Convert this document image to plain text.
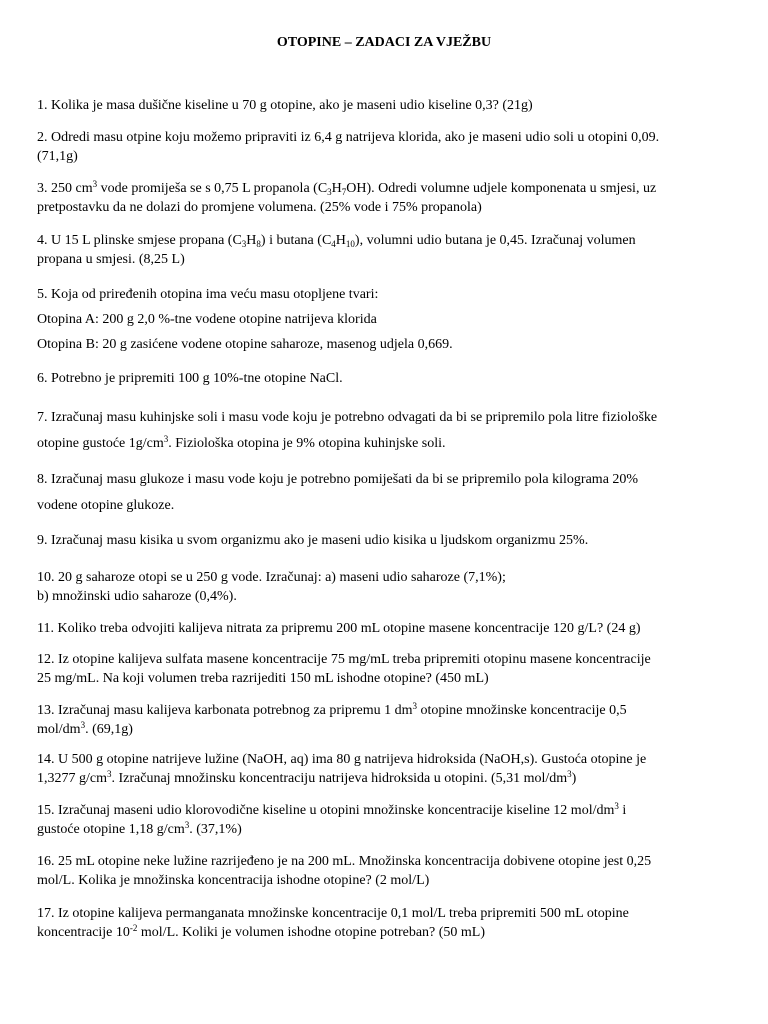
OTOPINE – ZADACI ZA VJEŽBU
1. Kolika je masa dušične kiseline u 70 g otopine, ako je maseni udio kiseline 0,3? (21g)
2. Odredi masu otpine koju možemo pripraviti iz 6,4 g natrijeva klorida, ako je maseni udio soli u otopini 0,09.
(71,1g)
3. 250 $cm^3$ vode promiješa se s 0,75 L propanola $(C_3H_7OH)$. Odredi volumne udjele komponenata u smjesi, uz
pretpostavku da ne dolazi do promjene volumena. (25% vode i 75% propanola)
4. U 15 L plinske smjese propana $(C_3H_8)$ i butana $(C_4H_{10})$, volumni udio butana je 0,45. Izračunaj volumen
propana u smjesi. (8,25 L)
5. Koja od priređenih otopina ima veću masu otopljene tvari:
Otopina A: 200 g 2,0 %-tne vodene otopine natrijeva klorida
Otopina B: 20 g zasićene vodene otopine saharoze, masenog udjela 0,669.
6. Potrebno je pripremiti 100 g 10%-tne otopine NaCl.
7. Izračunaj masu kuhinjske soli i masu vode koju je potrebno odvagati da bi se pripremilo pola litre fiziološke
otopine gustoće $1g/cm^3$. Fiziološka otopina je 9% otopina kuhinjske soli.
8. Izračunaj masu glukoze i masu vode koju je potrebno pomiješati da bi se pripremilo pola kilograma 20%
vodene otopine glukoze.
9. Izračunaj masu kisika u svom organizmu ako je maseni udio kisika u ljudskom organizmu 25%.
10. 20 g saharoze otopi se u 250 g vode. Izračunaj: a) maseni udio saharoze (7,1%);
b) množinski udio saharoze (0,4%).
11. Koliko treba odvojiti kalijeva nitrata za pripremu 200 mL otopine masene koncentracije 120 g/L? (24 g)
12. Iz otopine kalijeva sulfata masene koncentracije 75 mg/mL treba pripremiti otopinu masene koncentracije
25 mg/mL. Na koji volumen treba razrijediti 150 mL ishodne otopine? (450 mL)
13. Izračunaj masu kalijeva karbonata potrebnog za pripremu 1 $dm^3$ otopine množinske koncentracije 0,5
mol/$dm^3$. (69,1g)
14. U 500 g otopine natrijeve lužine (NaOH, aq) ima 80 g natrijeva hidroksida (NaOH,s). Gustoća otopine je
1,3277 $g/cm^3$. Izračunaj množinsku koncentraciju natrijeva hidroksida u otopini. (5,31 mol/$dm^3$)
15. Izračunaj maseni udio klorovodične kiseline u otopini množinske koncentracije kiseline 12 mol/$dm^3$ i
gustoće otopine 1,18 $g/cm^3$. (37,1%)
16. 25 mL otopine neke lužine razrijeđeno je na 200 mL. Množinska koncentracija dobivene otopine jest 0,25
mol/L. Kolika je množinska koncentracija ishodne otopine? (2 mol/L)
17. Iz otopine kalijeva permanganata množinske koncentracije 0,1 mol/L treba pripremiti 500 mL otopine
koncentracije $10^{-2}$ mol/L. Koliki je volumen ishodne otopine potreban? (50 mL)
